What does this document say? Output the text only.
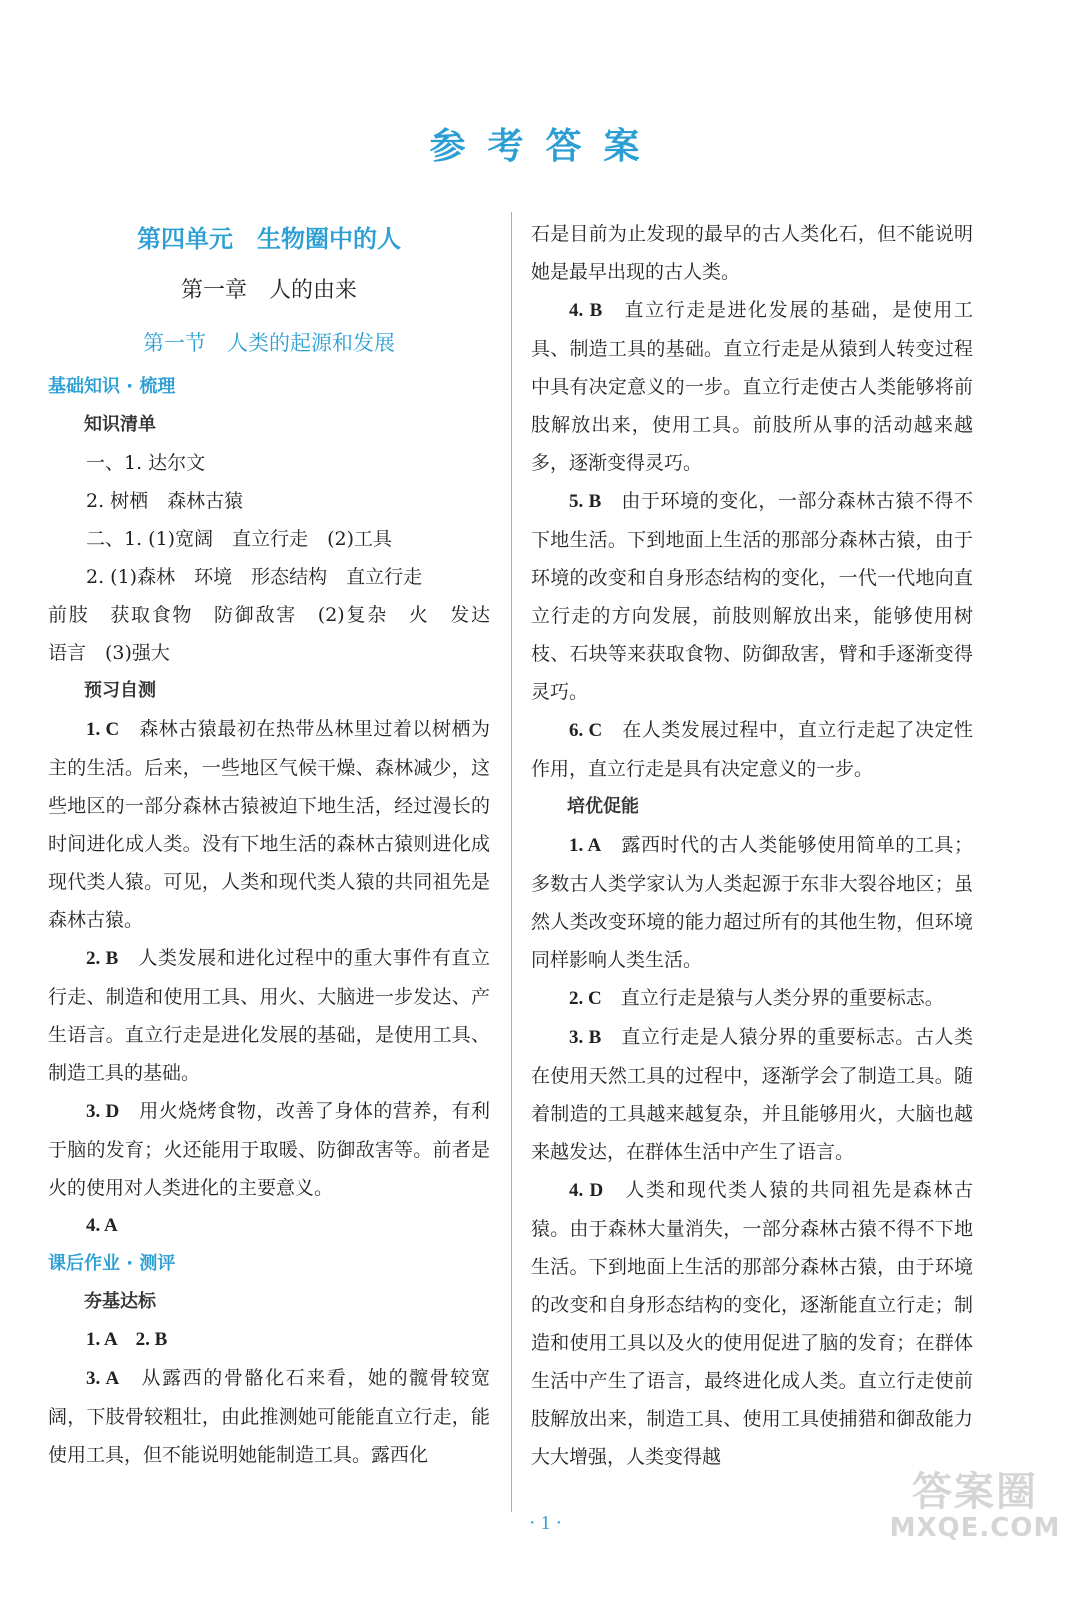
参考答案
第四单元　生物圈中的人
第一章　人的由来
第一节　人类的起源和发展
基础知识 · 梳理
知识清单

一、1. 达尔文

2. 树栖　森林古猿

二、1. (1)宽阔　直立行走　(2)工具

2. (1)森林　环境　形态结构　直立行走

前肢　获取食物　防御敌害　(2)复杂　火　发达　语言　(3)强大

预习自测

1. C　 森林古猿最初在热带丛林里过着以树栖为主的生活。后来，一些地区气候干燥、森林减少，这些地区的一部分森林古猿被迫下地生活，经过漫长的时间进化成人类。没有下地生活的森林古猿则进化成现代类人猿。可见，人类和现代类人猿的共同祖先是森林古猿。

2. B　 人类发展和进化过程中的重大事件有直立行走、制造和使用工具、用火、大脑进一步发达、产生语言。直立行走是进化发展的基础，是使用工具、制造工具的基础。

3. D　 用火烧烤食物，改善了身体的营养，有利于脑的发育；火还能用于取暖、防御敌害等。前者是火的使用对人类进化的主要意义。

4. A

课后作业 · 测评
夯基达标

1. A　2. B

3. A　 从露西的骨骼化石来看，她的髋骨较宽阔，下肢骨较粗壮，由此推测她可能能直立行走，能使用工具，但不能说明她能制造工具。露西化

石是目前为止发现的最早的古人类化石，但不能说明她是最早出现的古人类。

4. B　 直立行走是进化发展的基础，是使用工具、制造工具的基础。直立行走是从猿到人转变过程中具有决定意义的一步。直立行走使古人类能够将前肢解放出来，使用工具。前肢所从事的活动越来越多，逐渐变得灵巧。

5. B　 由于环境的变化，一部分森林古猿不得不下地生活。下到地面上生活的那部分森林古猿，由于环境的改变和自身形态结构的变化，一代一代地向直立行走的方向发展，前肢则解放出来，能够使用树枝、石块等来获取食物、防御敌害，臂和手逐渐变得灵巧。

6. C　 在人类发展过程中，直立行走起了决定性作用，直立行走是具有决定意义的一步。

培优促能

1. A　 露西时代的古人类能够使用简单的工具；多数古人类学家认为人类起源于东非大裂谷地区；虽然人类改变环境的能力超过所有的其他生物，但环境同样影响人类生活。

2. C　 直立行走是猿与人类分界的重要标志。

3. B　 直立行走是人猿分界的重要标志。古人类在使用天然工具的过程中，逐渐学会了制造工具。随着制造的工具越来越复杂，并且能够用火，大脑也越来越发达，在群体生活中产生了语言。

4. D　 人类和现代类人猿的共同祖先是森林古猿。由于森林大量消失，一部分森林古猿不得不下地生活。下到地面上生活的那部分森林古猿，由于环境的改变和自身形态结构的变化，逐渐能直立行走；制造和使用工具以及火的使用促进了脑的发育；在群体生活中产生了语言，最终进化成人类。直立行走使前肢解放出来，制造工具、使用工具使捕猎和御敌能力大大增强，人类变得越

· 1 ·
答案圈
MXQE.COM
